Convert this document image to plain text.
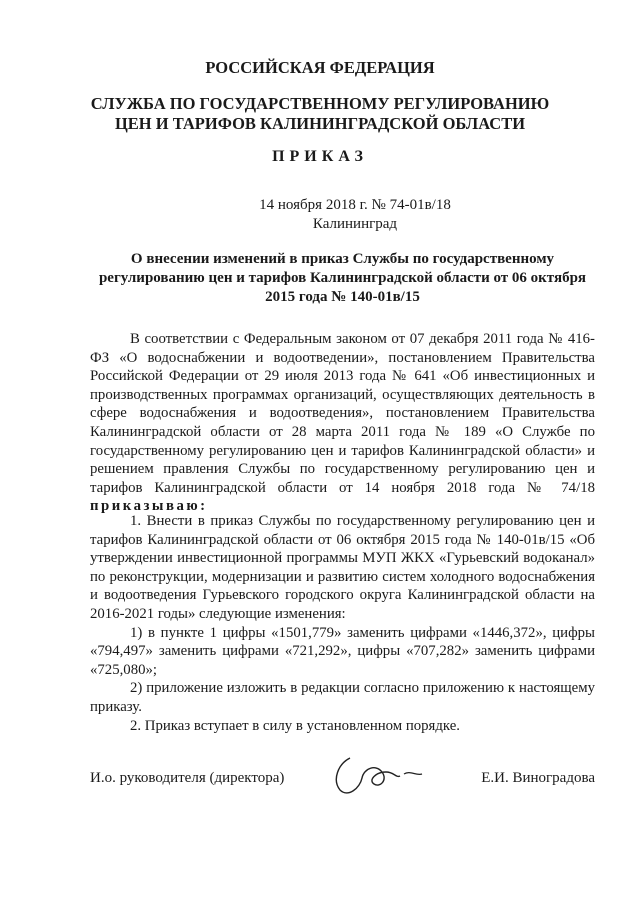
РОССИЙСКАЯ ФЕДЕРАЦИЯ
СЛУЖБА ПО ГОСУДАРСТВЕННОМУ РЕГУЛИРОВАНИЮ
ЦЕН И ТАРИФОВ КАЛИНИНГРАДСКОЙ ОБЛАСТИ
ПРИКАЗ
14 ноября 2018 г. № 74-01в/18
Калининград
О внесении изменений в приказ Службы по государственному регулированию цен и тарифов Калининградской области от 06 октября 2015 года № 140-01в/15
В соответствии с Федеральным законом от 07 декабря 2011 года № 416-ФЗ «О водоснабжении и водоотведении», постановлением Правительства Российской Федерации от 29 июля 2013 года № 641 «Об инвестиционных и производственных программах организаций, осуществляющих деятельность в сфере водоснабжения и водоотведения», постановлением Правительства Калининградской области от 28 марта 2011 года № 189 «О Службе по государственному регулированию цен и тарифов Калининградской области» и решением правления Службы по государственному регулированию цен и тарифов Калининградской области от 14 ноября 2018 года № 74/18 приказываю:
1. Внести в приказ Службы по государственному регулированию цен и тарифов Калининградской области от 06 октября 2015 года № 140-01в/15 «Об утверждении инвестиционной программы МУП ЖКХ «Гурьевский водоканал» по реконструкции, модернизации и развитию систем холодного водоснабжения и водоотведения Гурьевского городского округа Калининградской области на 2016-2021 годы» следующие изменения:
1) в пункте 1 цифры «1501,779» заменить цифрами «1446,372», цифры «794,497» заменить цифрами «721,292», цифры «707,282» заменить цифрами «725,080»;
2) приложение изложить в редакции согласно приложению к настоящему приказу.
2. Приказ вступает в силу в установленном порядке.
И.о. руководителя (директора)	Е.И. Виноградова
